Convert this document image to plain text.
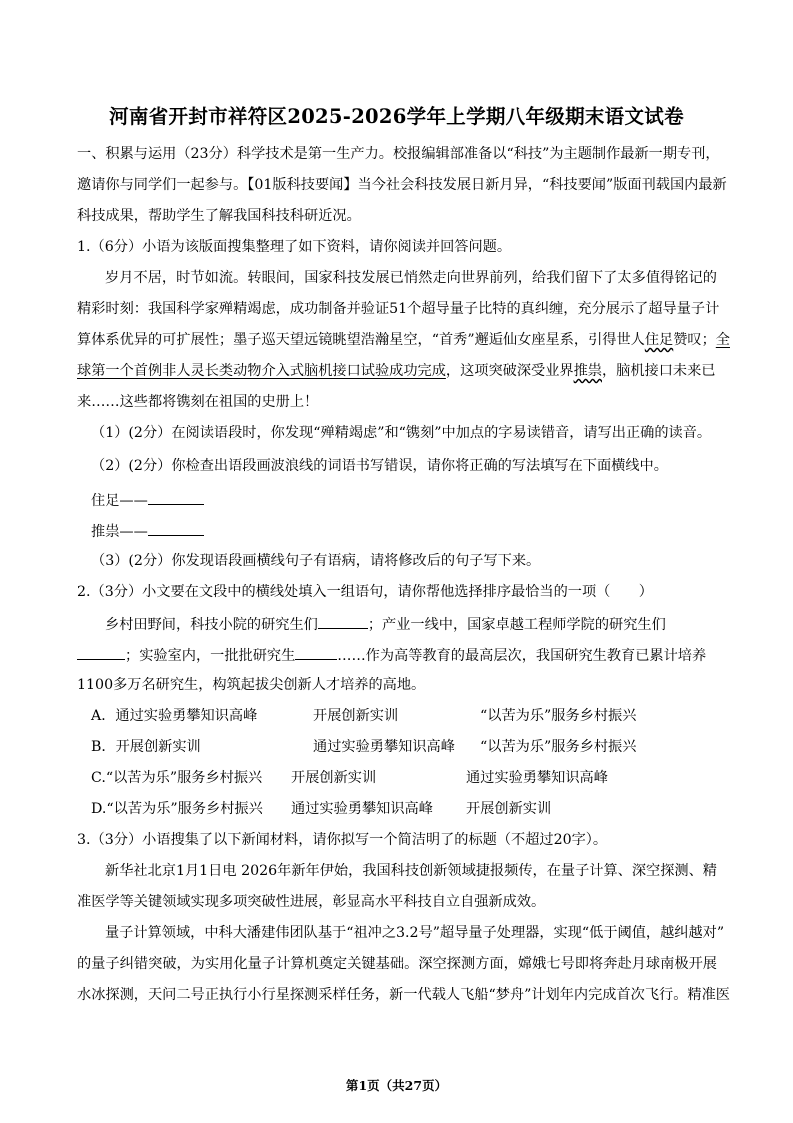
河南省开封市祥符区2025-2026学年上学期八年级期末语文试卷
一、积累与运用（23分）科学技术是第一生产力。校报编辑部准备以“科技”为主题制作最新一期专刊，
邀请你与同学们一起参与。【01版科技要闻】当今社会科技发展日新月异，“科技要闻”版面刊载国内最新
科技成果，帮助学生了解我国科技科研近况。
1.（6分）小语为该版面搜集整理了如下资料，请你阅读并回答问题。
岁月不居，时节如流。转眼间，国家科技发展已悄然走向世界前列，给我们留下了太多值得铭记的
精彩时刻：我国科学家殚精竭虑，成功制备并验证51个超导量子比特的真纠缠，充分展示了超导量子计
算体系优异的可扩展性；墨子巡天望远镜眺望浩瀚星空，“首秀”邂逅仙女座星系，引得世人住足赞叹；全
球第一个首例非人灵长类动物介入式脑机接口试验成功完成，这项突破深受业界推祟，脑机接口未来已
来……这些都将镌刻在祖国的史册上！
（1）(2分）在阅读语段时，你发现“殚精竭虑”和“镌刻”中加点的字易读错音，请写出正确的读音。
（2）(2分）你检查出语段画波浪线的词语书写错误，请你将正确的写法填写在下面横线中。
住足——
推祟——
（3）(2分）你发现语段画横线句子有语病，请将修改后的句子写下来。
2.（3分）小文要在文段中的横线处填入一组语句，请你帮他选择排序最恰当的一项（　　）
乡村田野间，科技小院的研究生们	；产业一线中，国家卓越工程师学院的研究生们
；实验室内，一批批研究生	……作为高等教育的最高层次，我国研究生教育已累计培养
1100多万名研究生，构筑起拔尖创新人才培养的高地。
A．通过实验勇攀知识高峰	开展创新实训	“以苦为乐”服务乡村振兴
B．开展创新实训	通过实验勇攀知识高峰 “以苦为乐”服务乡村振兴
C.“以苦为乐”服务乡村振兴 开展创新实训	通过实验勇攀知识高峰
D.“以苦为乐”服务乡村振兴 通过实验勇攀知识高峰 开展创新实训
3.（3分）小语搜集了以下新闻材料，请你拟写一个简洁明了的标题（不超过20字）。
新华社北京1月1日电 2026年新年伊始，我国科技创新领域捷报频传，在量子计算、深空探测、精
准医学等关键领域实现多项突破性进展，彰显高水平科技自立自强新成效。
量子计算领域，中科大潘建伟团队基于“祖冲之3.2号”超导量子处理器，实现“低于阈值，越纠越对”
的量子纠错突破，为实用化量子计算机奠定关键基础。深空探测方面，嫦娥七号即将奔赴月球南极开展
水冰探测，天问二号正执行小行星探测采样任务，新一代载人飞船“梦舟”计划年内完成首次飞行。精准医
第1页（共27页）
